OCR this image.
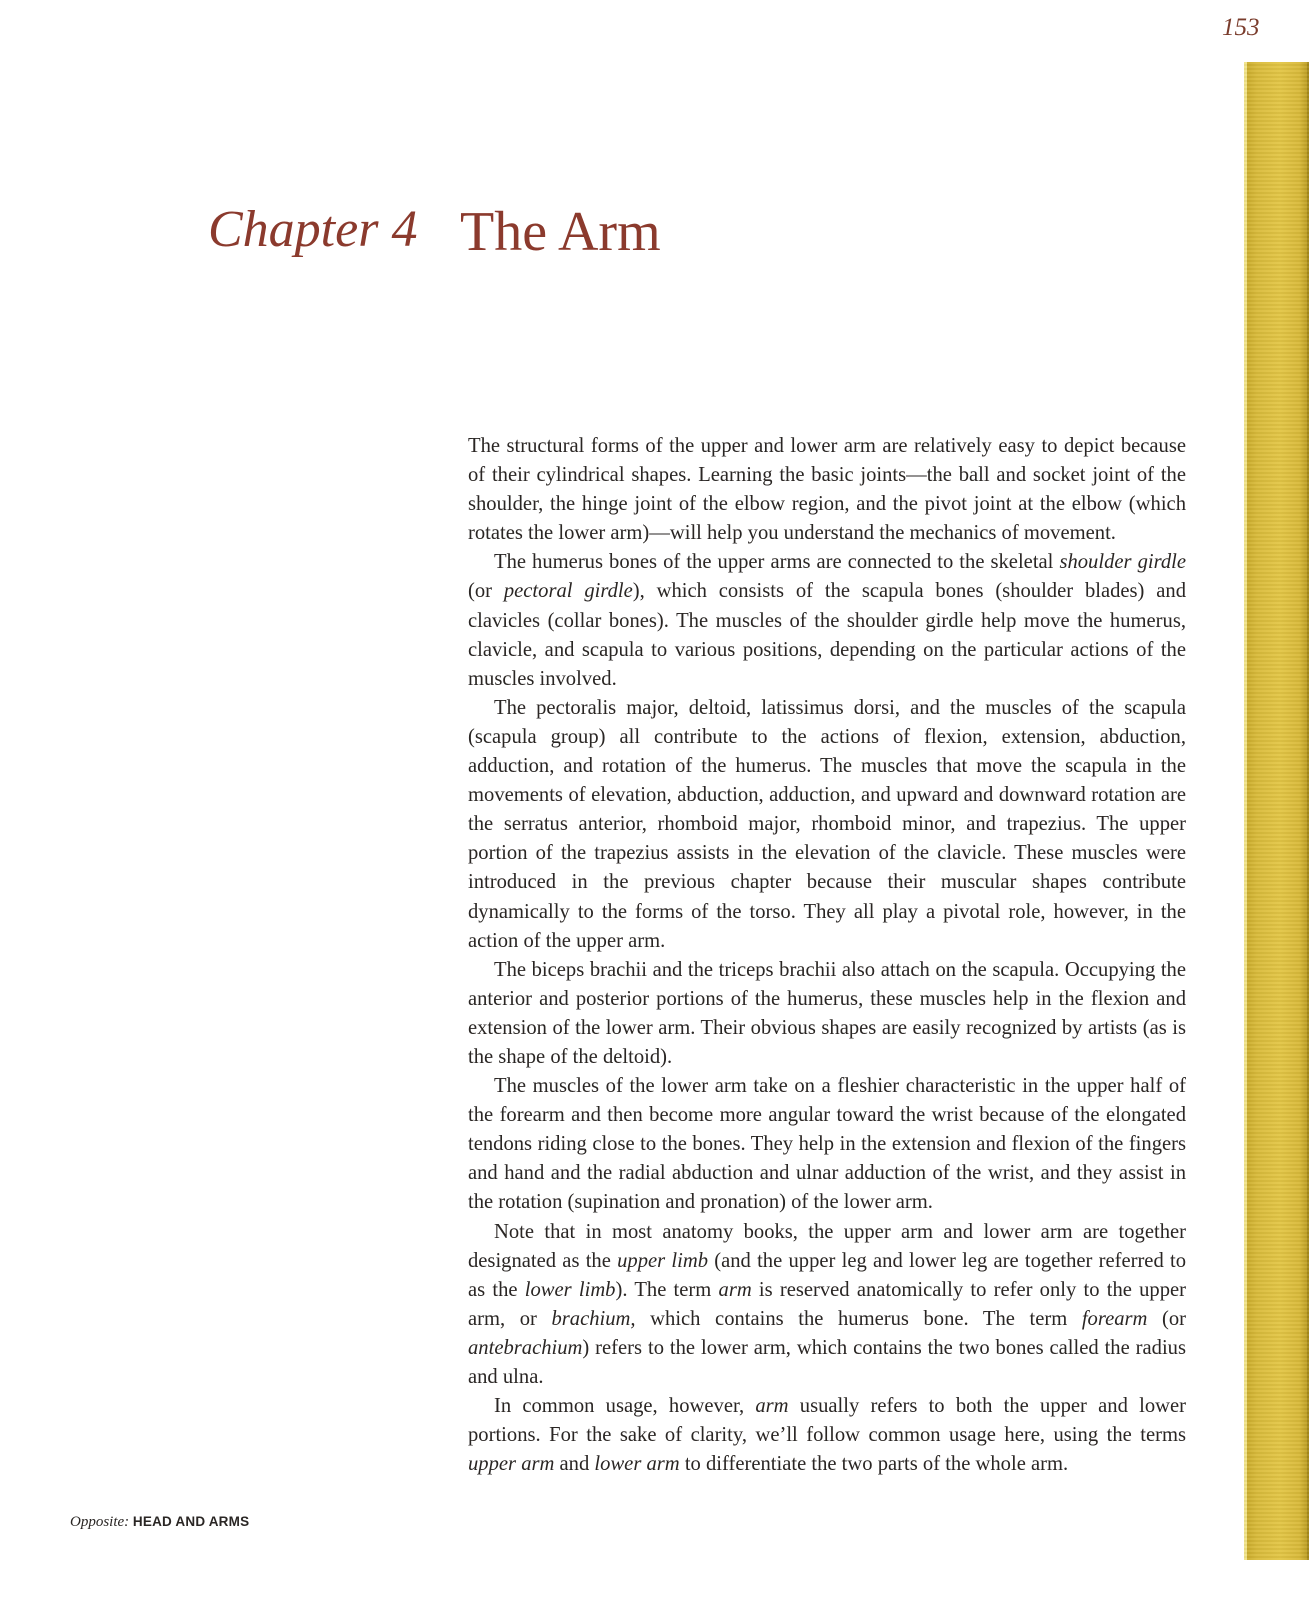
153
Chapter 4 The Arm

The structural forms of the upper and lower arm are relatively easy to depict because of their cylindrical shapes. Learning the basic joints—the ball and socket joint of the shoulder, the hinge joint of the elbow region, and the pivot joint at the elbow (which rotates the lower arm)—will help you understand the mechanics of movement.

The humerus bones of the upper arms are connected to the skeletal shoulder girdle (or pectoral girdle), which consists of the scapula bones (shoulder blades) and clavicles (collar bones). The muscles of the shoulder girdle help move the humerus, clavicle, and scapula to various positions, depending on the particular actions of the muscles involved.

The pectoralis major, deltoid, latissimus dorsi, and the muscles of the scapula (scapula group) all contribute to the actions of flexion, extension, abduction, adduction, and rotation of the humerus. The muscles that move the scapula in the movements of elevation, abduction, adduction, and upward and downward rotation are the serratus anterior, rhomboid major, rhomboid minor, and trapezius. The upper portion of the trapezius assists in the elevation of the clavicle. These muscles were introduced in the previous chapter because their muscular shapes contribute dynamically to the forms of the torso. They all play a pivotal role, however, in the action of the upper arm.

The biceps brachii and the triceps brachii also attach on the scapula. Occupying the anterior and posterior portions of the humerus, these muscles help in the flexion and extension of the lower arm. Their obvious shapes are easily recognized by artists (as is the shape of the deltoid).

The muscles of the lower arm take on a fleshier characteristic in the upper half of the forearm and then become more angular toward the wrist because of the elongated tendons riding close to the bones. They help in the extension and flexion of the fingers and hand and the radial abduction and ulnar adduction of the wrist, and they assist in the rotation (supination and pronation) of the lower arm.

Note that in most anatomy books, the upper arm and lower arm are together designated as the upper limb (and the upper leg and lower leg are together referred to as the lower limb). The term arm is reserved anatomically to refer only to the upper arm, or brachium, which contains the humerus bone. The term forearm (or antebrachium) refers to the lower arm, which contains the two bones called the radius and ulna.

In common usage, however, arm usually refers to both the upper and lower portions. For the sake of clarity, we’ll follow common usage here, using the terms upper arm and lower arm to differentiate the two parts of the whole arm.

Opposite: HEAD AND ARMS
